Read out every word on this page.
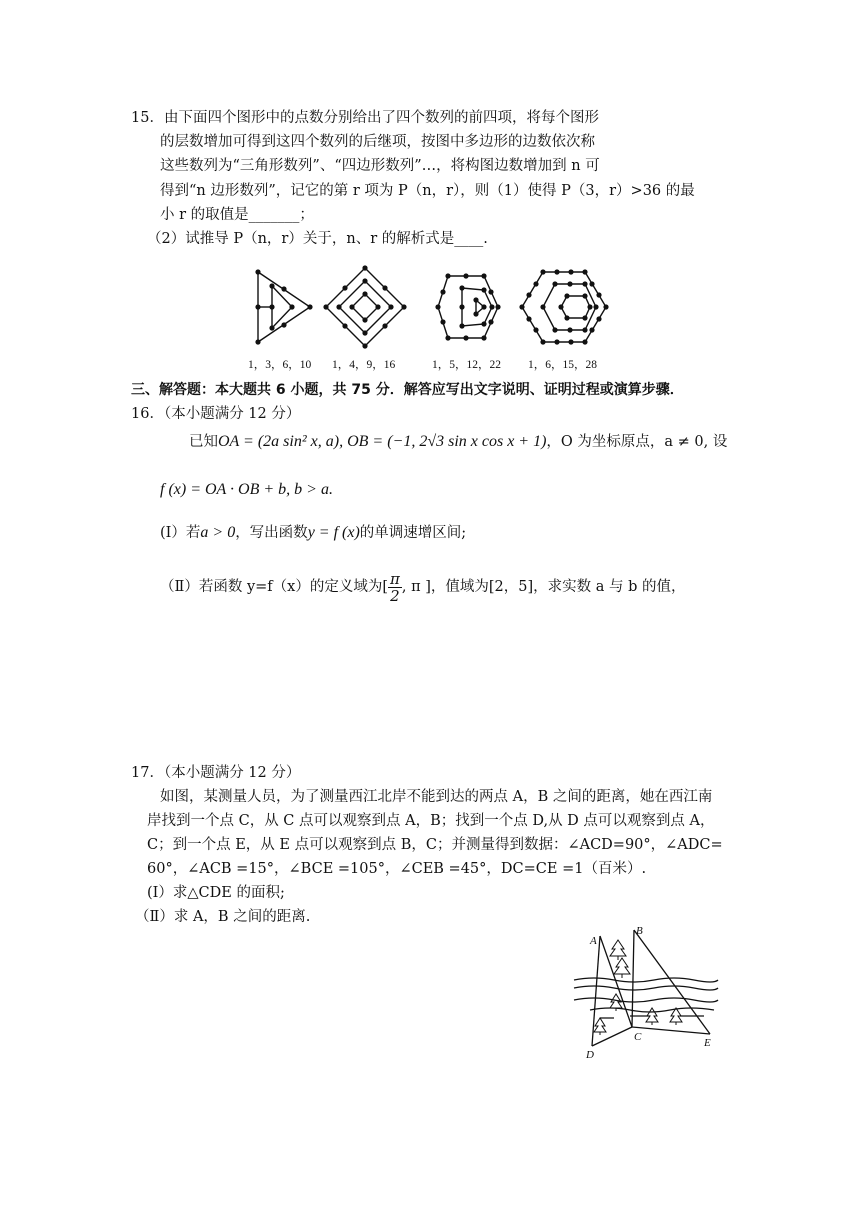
15．由下面四个图形中的点数分别给出了四个数列的前四项，将每个图形
的层数增加可得到这四个数列的后继项，按图中多边形的边数依次称
这些数列为“三角形数列”、“四边形数列”…，将构图边数增加到 n 可
得到“n 边形数列”，记它的第 r 项为 P（n，r），则（1）使得 P（3，r）>36 的最
小 r 的取值是_______；
（2）试推导 P（n，r）关于，n、r 的解析式是____.
1，3，6，10 1，4，9，16	1，5，12，22 1，6，15，28
三、解答题：本大题共 6 小题，共 75 分．解答应写出文字说明、证明过程或演算步骤．
16．（本小题满分 12 分）
已知OA = (2a sin² x, a), OB = (−1, 2√3 sin x cos x + 1)，O 为坐标原点，a ≠ 0, 设
f (x) = OA · OB + b, b > a.
(I）若a > 0，写出函数y = f (x)的单调速增区间;
（Ⅱ）若函数 y=f（x）的定义域为[ $\frac{\pi}{2}$ , π ]，值域为[2，5]，求实数 a 与 b 的值，
17．（本小题满分 12 分）
如图，某测量人员，为了测量西江北岸不能到达的两点 A，B 之间的距离，她在西江南
岸找到一个点 C，从 C 点可以观察到点 A，B；找到一个点 D,从 D 点可以观察到点 A，
C；到一个点 E，从 E 点可以观察到点 B，C；并测量得到数据：∠ACD=90°，∠ADC=
60°，∠ACB =15°，∠BCE =105°，∠CEB =45°，DC=CE =1（百米）.
(I）求△CDE 的面积;
（Ⅱ）求 A，B 之间的距离.
A
B
C
D
E
